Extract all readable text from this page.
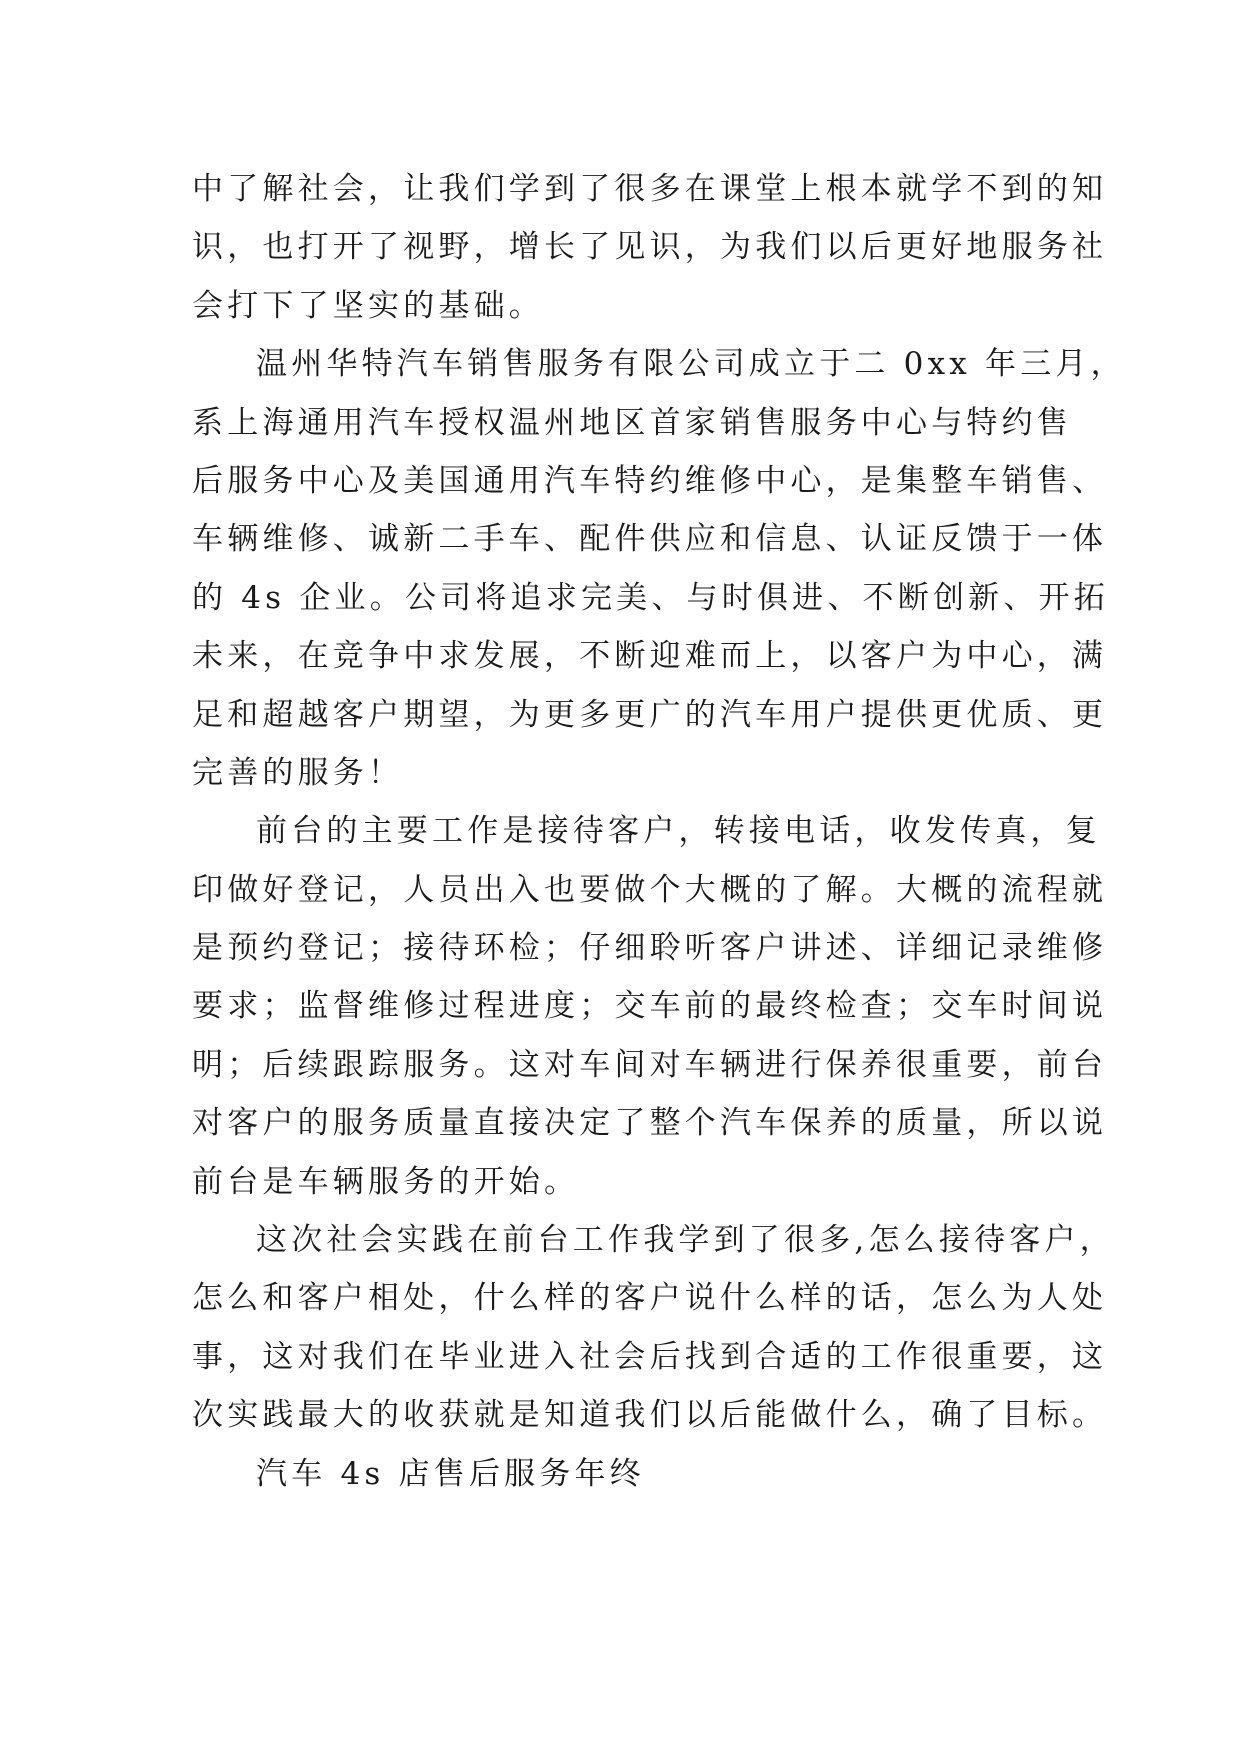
中了解社会，让我们学到了很多在课堂上根本就学不到的知
识，也打开了视野，增长了见识，为我们以后更好地服务社
会打下了坚实的基础。
温州华特汽车销售服务有限公司成立于二 0xx 年三月，
系上海通用汽车授权温州地区首家销售服务中心与特约售
后服务中心及美国通用汽车特约维修中心，是集整车销售、
车辆维修、诚新二手车、配件供应和信息、认证反馈于一体
的 4s 企业。公司将追求完美、与时俱进、不断创新、开拓
未来，在竞争中求发展，不断迎难而上，以客户为中心，满
足和超越客户期望，为更多更广的汽车用户提供更优质、更
完善的服务！
前台的主要工作是接待客户，转接电话，收发传真，复
印做好登记，人员出入也要做个大概的了解。大概的流程就
是预约登记；接待环检；仔细聆听客户讲述、详细记录维修
要求；监督维修过程进度；交车前的最终检查；交车时间说
明；后续跟踪服务。这对车间对车辆进行保养很重要，前台
对客户的服务质量直接决定了整个汽车保养的质量，所以说
前台是车辆服务的开始。
这次社会实践在前台工作我学到了很多,怎么接待客户，
怎么和客户相处，什么样的客户说什么样的话，怎么为人处
事，这对我们在毕业进入社会后找到合适的工作很重要，这
次实践最大的收获就是知道我们以后能做什么，确了目标。
汽车 4s 店售后服务年终
